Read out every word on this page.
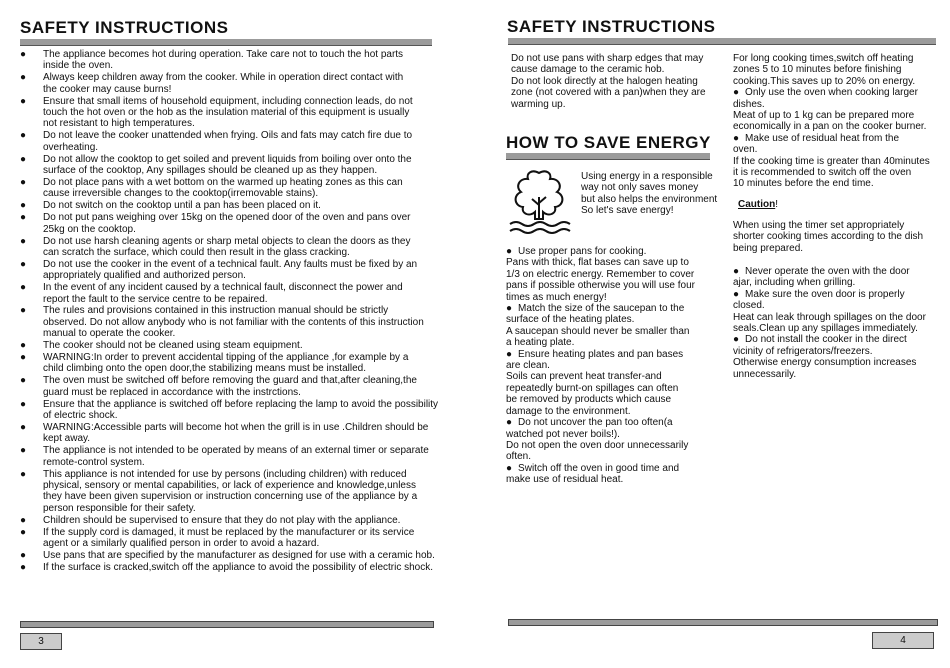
SAFETY INSTRUCTIONS
● The appliance becomes hot during operation. Take care not to touch the hot parts
inside the oven.
● Always keep children away from the cooker. While in operation direct contact with
the cooker may cause burns!
● Ensure that small items of household equipment, including connection leads, do not
touch the hot oven or the hob as the insulation material of this equipment is usually
not resistant to high temperatures.
● Do not leave the cooker unattended when frying. Oils and fats may catch fire due to
overheating.
● Do not allow the cooktop to get soiled and prevent liquids from boiling over onto the
surface of the cooktop, Any spillages should be cleaned up as they happen.
● Do not place pans with a wet bottom on the warmed up heating zones as this can
cause irreversible changes to the cooktop(irremovable stains).
● Do not switch on the cooktop until a pan has been placed on it.
● Do not put pans weighing over 15kg on the opened door of the oven and pans over
25kg on the cooktop.
● Do not use harsh cleaning agents or sharp metal objects to clean the doors as they
can scratch the surface, which could then result in the glass cracking.
● Do not use the cooker in the event of a technical fault. Any faults must be fixed by an
appropriately qualified and authorized person.
● In the event of any incident caused by a technical fault, disconnect the power and
report the fault to the service centre to be repaired.
● The rules and provisions contained in this instruction manual should be strictly
observed. Do not allow anybody who is not familiar with the contents of this instruction
manual to operate the cooker.
● The cooker should not be cleaned using steam equipment.
● WARNING:In order to prevent accidental tipping of the appliance ,for example by a
child climbing onto the open door,the stabilizing means must be installed.
● The oven must be switched off before removing the guard and that,after cleaning,the
guard must be replaced in accordance with the instrctions.
● Ensure that the appliance is switched off before replacing the lamp to avoid the possibility
of electric shock.
● WARNING:Accessible parts will become hot when the grill is in use .Children should be
kept away.
● The appliance is not intended to be operated by means of an external timer or separate
remote-control system.
● This appliance is not intended for use by persons (including children) with reduced
physical, sensory or mental capabilities, or lack of experience and knowledge,unless
they have been given supervision or instruction concerning use of the appliance by a
person responsible for their safety.
● Children should be supervised to ensure that they do not play with the appliance.
● If the supply cord is damaged, it must be replaced by the manufacturer or its service
agent or a similarly qualified person in order to avoid a hazard.
● Use pans that are specified by the manufacturer as designed for use with a ceramic hob.
● If the surface is cracked,switch off the appliance to avoid the possibility of electric shock.
3
SAFETY INSTRUCTIONS
Do not use pans with sharp edges that may
cause damage to the ceramic hob.
Do not look directly at the halogen heating
zone (not covered with a pan)when they are
warming up.
HOW TO SAVE ENERGY
Using energy in a responsible
way not only saves money
but also helps the environment
So let's save energy!
● Use proper pans for cooking.
Pans with thick, flat bases can save up to
1/3 on electric energy. Remember to cover
pans if possible otherwise you will use four
times as much energy!
● Match the size of the saucepan to the
surface of the heating plates.
A saucepan should never be smaller than
a heating plate.
● Ensure heating plates and pan bases
are clean.
Soils can prevent heat transfer-and
repeatedly burnt-on spillages can often
be removed by products which cause
damage to the environment.
● Do not uncover the pan too often(a
watched pot never boils!).
Do not open the oven door unnecessarily
often.
● Switch off the oven in good time and
make use of residual heat.
For long cooking times,switch off heating
zones 5 to 10 minutes before finishing
cooking.This saves up to 20% on energy.
● Only use the oven when cooking larger
dishes.
Meat of up to 1 kg can be prepared more
economically in a pan on the cooker burner.
● Make use of residual heat from the
oven.
If the cooking time is greater than 40minutes
it is recommended to switch off the oven
10 minutes before the end time.
Caution!
When using the timer set appropriately
shorter cooking times according to the dish
being prepared.
● Never operate the oven with the door
ajar, including when grilling.
● Make sure the oven door is properly
closed.
Heat can leak through spillages on the door
seals.Clean up any spillages immediately.
● Do not install the cooker in the direct
vicinity of refrigerators/freezers.
Otherwise energy consumption increases
unnecessarily.
4
